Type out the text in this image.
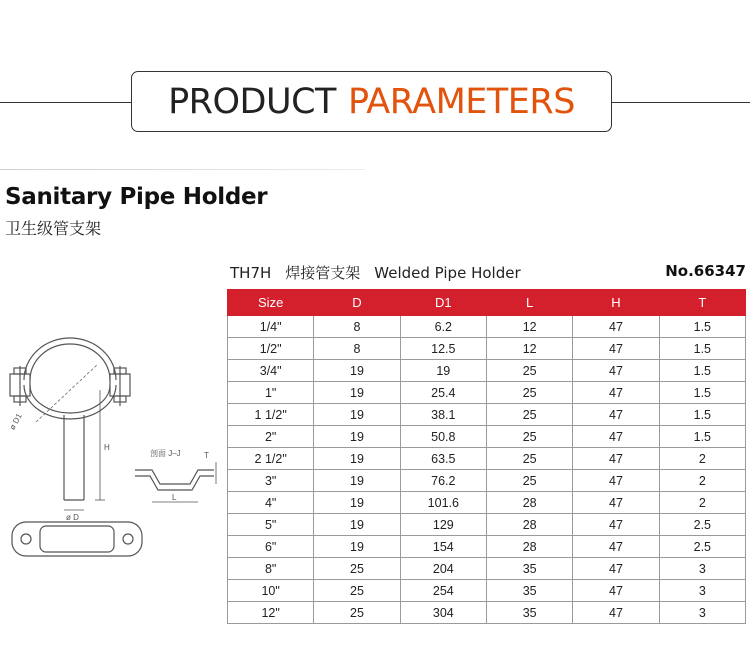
PRODUCT PARAMETERS
Sanitary Pipe Holder
卫生级管支架
TH7H 焊接管支架 Welded Pipe Holder	No.66347
ø D1
ø D
H
剖面 J–J	T
L
Size	D	D1	L	H	T
1/4"	8	6.2	12	47	1.5
1/2"	8	12.5	12	47	1.5
3/4"	19	19	25	47	1.5
1"	19	25.4	25	47	1.5
1 1/2"	19	38.1	25	47	1.5
2"	19	50.8	25	47	1.5
2 1/2"	19	63.5	25	47	2
3"	19	76.2	25	47	2
4"	19	101.6	28	47	2
5"	19	129	28	47	2.5
6"	19	154	28	47	2.5
8"	25	204	35	47	3
10"	25	254	35	47	3
12"	25	304	35	47	3
